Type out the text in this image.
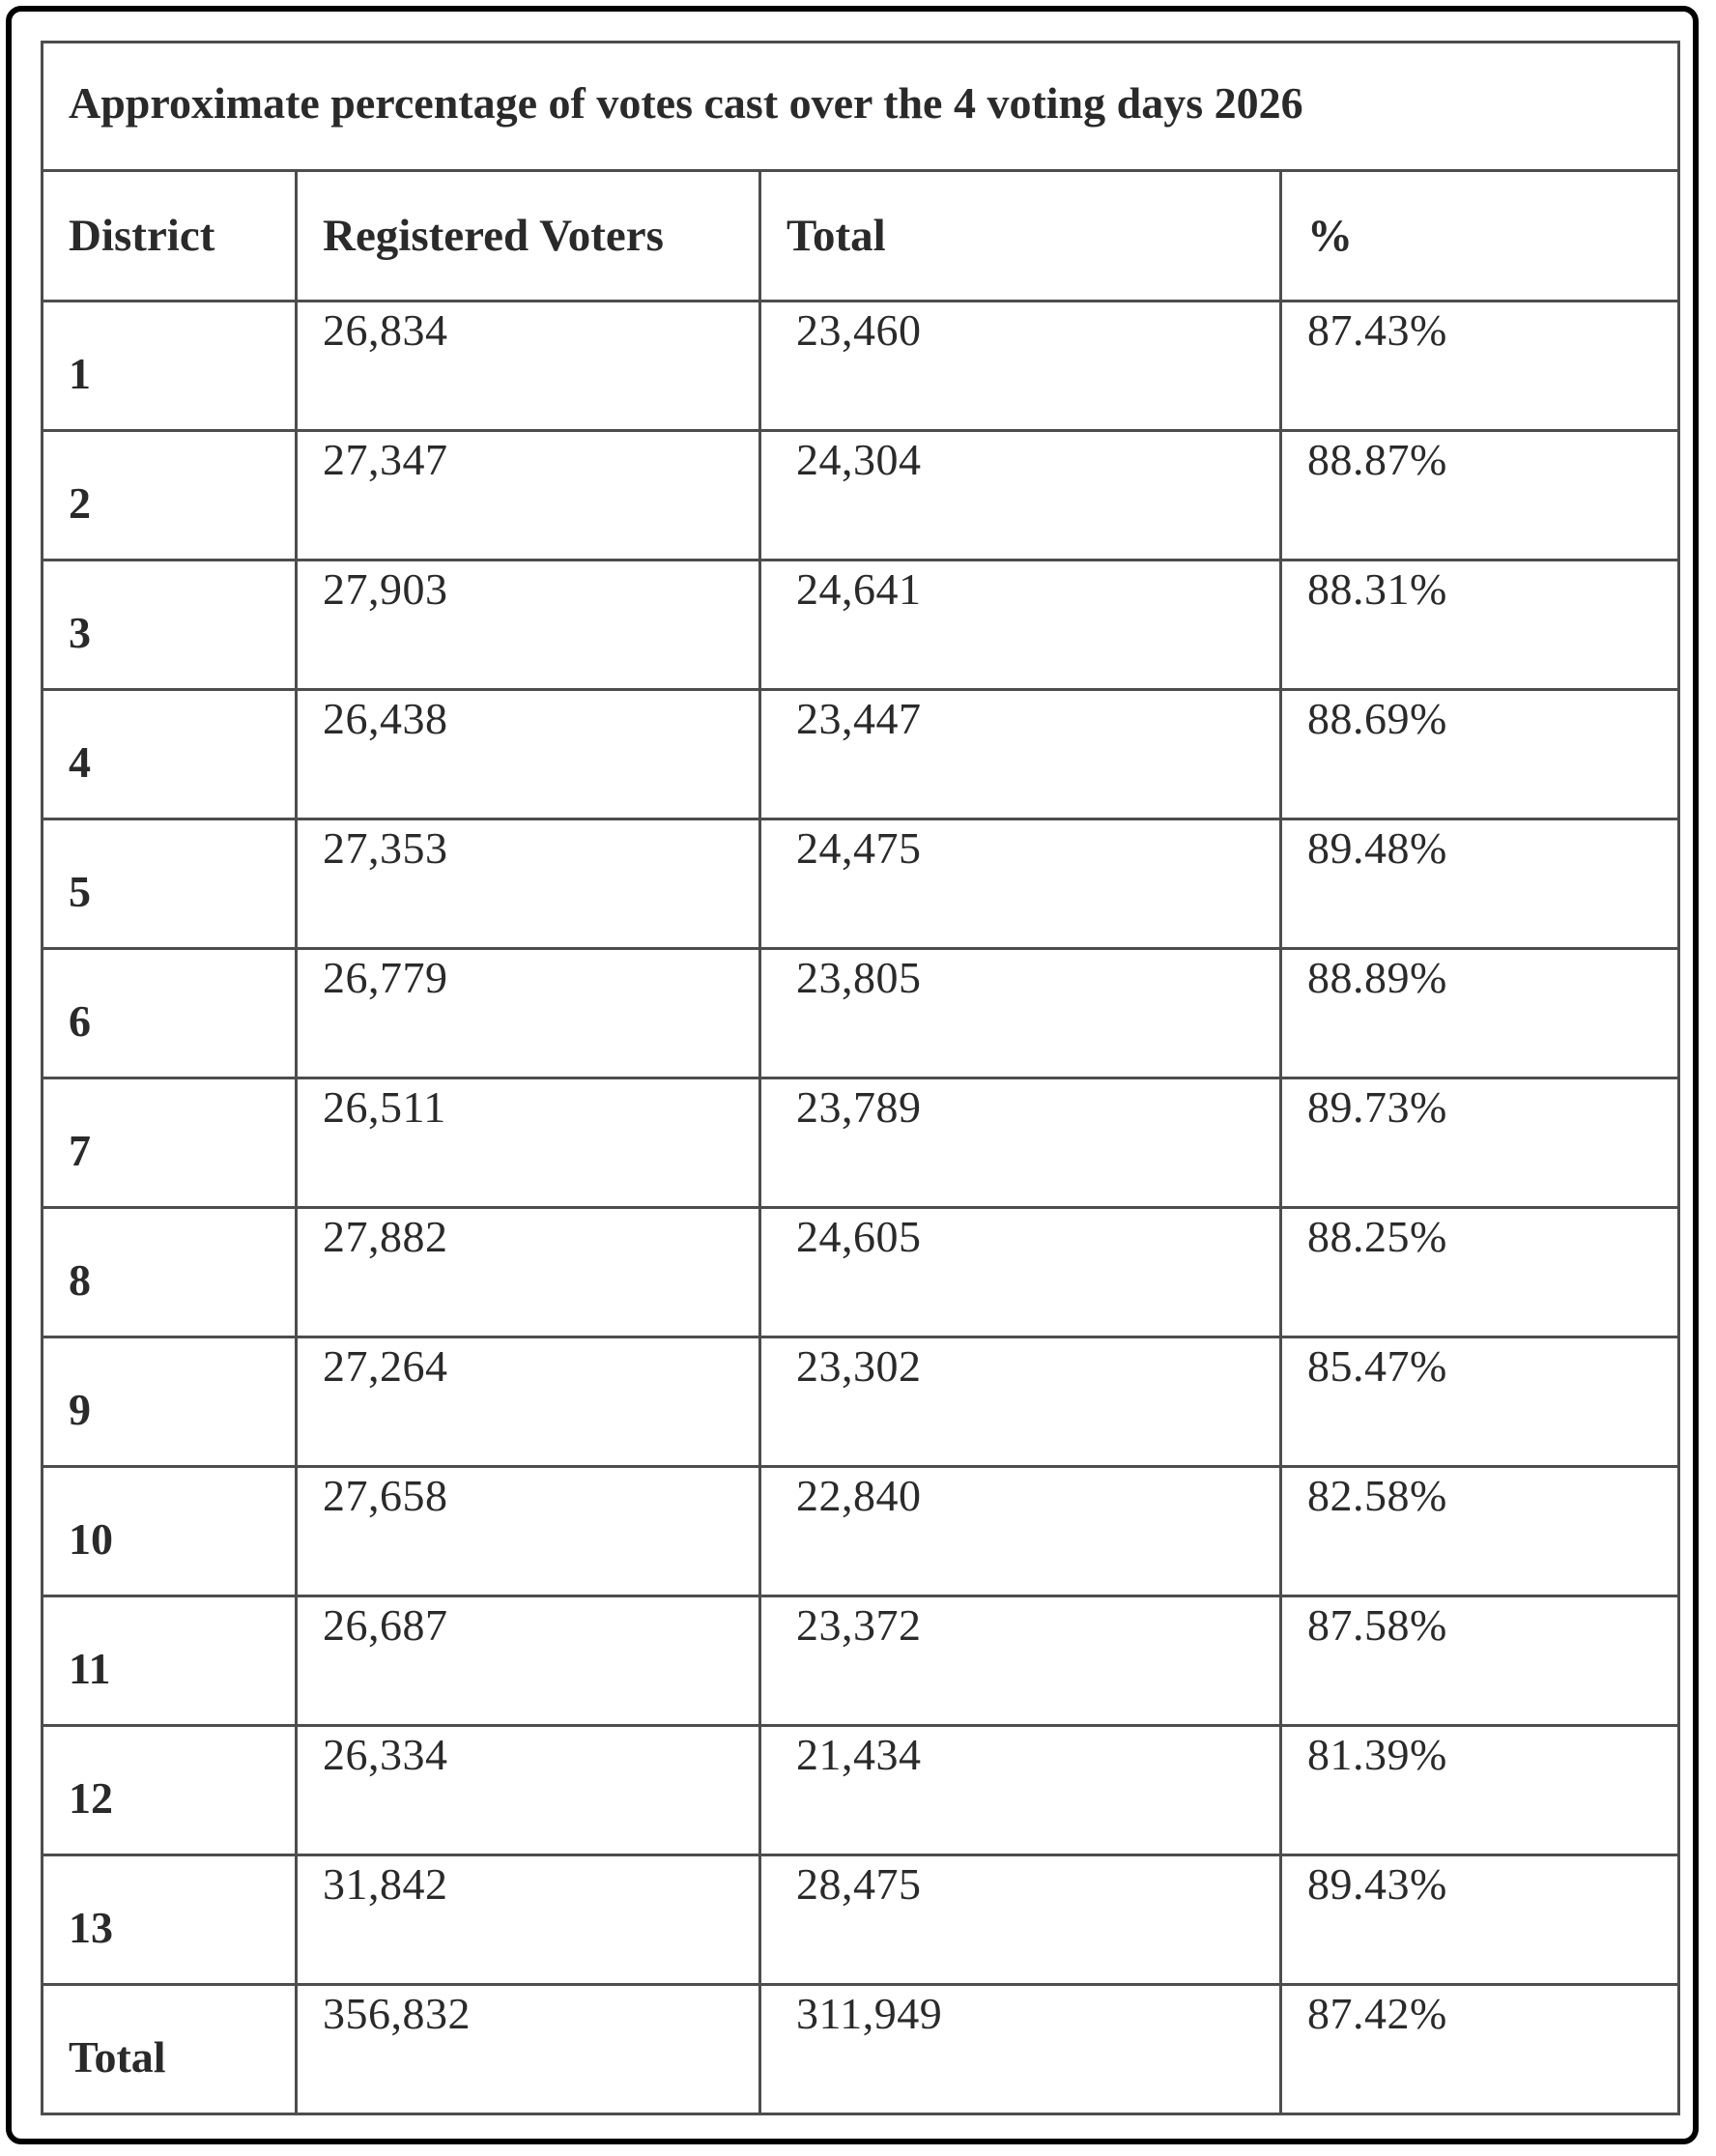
Approximate percentage of votes cast over the 4 voting days 2026			
District	Registered Voters	Total	%
1	26,834	23,460	87.43%
2	27,347	24,304	88.87%
3	27,903	24,641	88.31%
4	26,438	23,447	88.69%
5	27,353	24,475	89.48%
6	26,779	23,805	88.89%
7	26,511	23,789	89.73%
8	27,882	24,605	88.25%
9	27,264	23,302	85.47%
10	27,658	22,840	82.58%
11	26,687	23,372	87.58%
12	26,334	21,434	81.39%
13	31,842	28,475	89.43%
Total	356,832	311,949	87.42%
